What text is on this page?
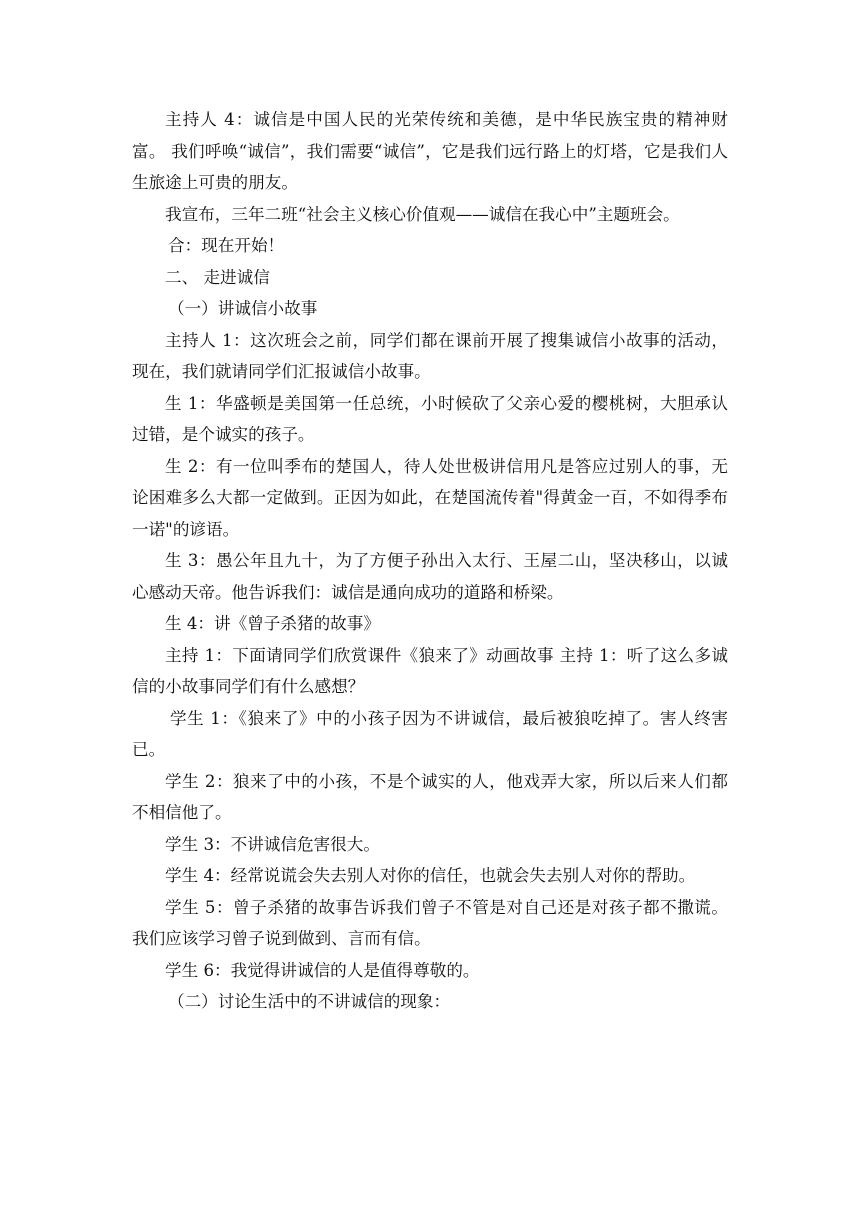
主持人 4：诚信是中国人民的光荣传统和美德，是中华民族宝贵的精神财富。 我们呼唤“诚信”，我们需要“诚信”，它是我们远行路上的灯塔，它是我们人生旅途上可贵的朋友。

我宣布，三年二班“社会主义核心价值观——诚信在我心中”主题班会。

合：现在开始！

二、 走进诚信

（一）讲诚信小故事

主持人 1：这次班会之前，同学们都在课前开展了搜集诚信小故事的活动，现在，我们就请同学们汇报诚信小故事。

生 1：华盛顿是美国第一任总统，小时候砍了父亲心爱的樱桃树，大胆承认过错，是个诚实的孩子。

生 2：有一位叫季布的楚国人，待人处世极讲信用凡是答应过别人的事，无论困难多么大都一定做到。正因为如此，在楚国流传着"得黄金一百，不如得季布一诺"的谚语。

生 3：愚公年且九十，为了方便子孙出入太行、王屋二山，坚决移山，以诚心感动天帝。他告诉我们：诚信是通向成功的道路和桥梁。

生 4：讲《曾子杀猪的故事》

主持 1：下面请同学们欣赏课件《狼来了》动画故事 主持 1：听了这么多诚信的小故事同学们有什么感想？

学生 1：《狼来了》中的小孩子因为不讲诚信，最后被狼吃掉了。害人终害已。

学生 2：狼来了中的小孩，不是个诚实的人，他戏弄大家，所以后来人们都不相信他了。

学生 3：不讲诚信危害很大。

学生 4：经常说谎会失去别人对你的信任，也就会失去别人对你的帮助。

学生 5：曾子杀猪的故事告诉我们曾子不管是对自己还是对孩子都不撒谎。我们应该学习曾子说到做到、言而有信。

学生 6：我觉得讲诚信的人是值得尊敬的。

（二）讨论生活中的不讲诚信的现象：
